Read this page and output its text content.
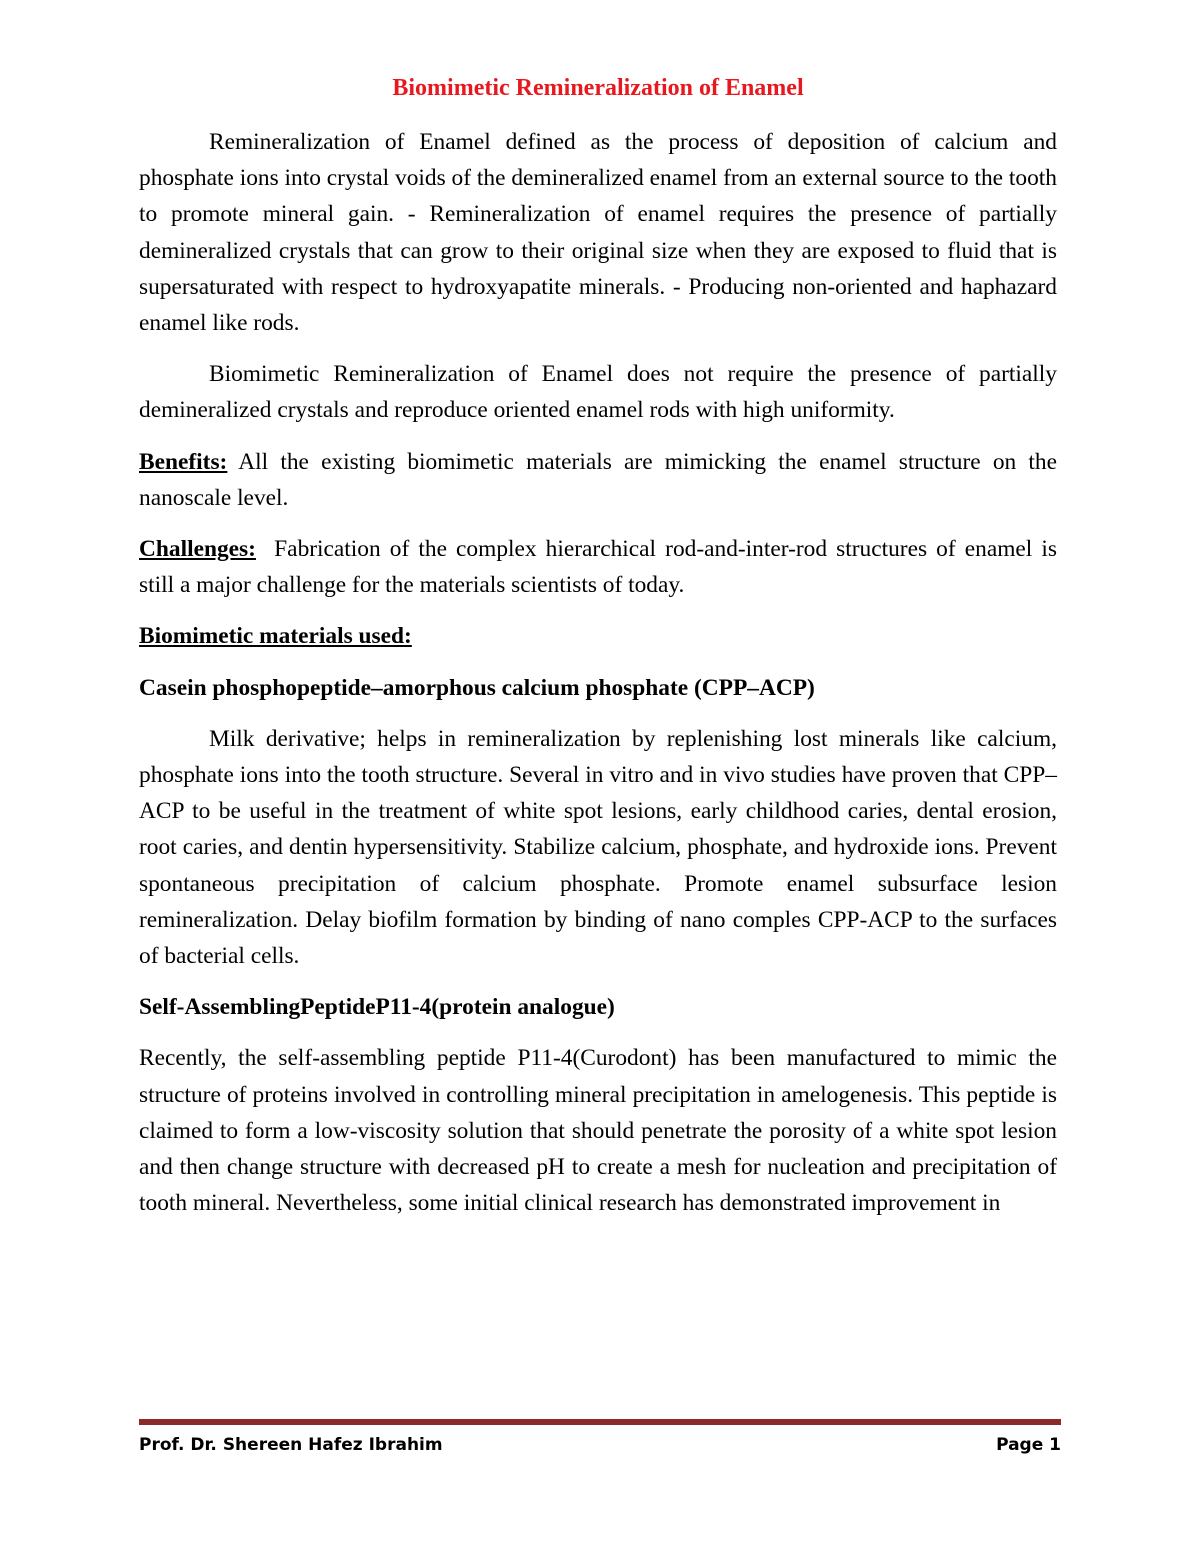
Biomimetic Remineralization of Enamel

Remineralization of Enamel defined as the process of deposition of calcium and phosphate ions into crystal voids of the demineralized enamel from an external source to the tooth to promote mineral gain. - Remineralization of enamel requires the presence of partially demineralized crystals that can grow to their original size when they are exposed to fluid that is supersaturated with respect to hydroxyapatite minerals. - Producing non-oriented and haphazard enamel like rods.

Biomimetic Remineralization of Enamel does not require the presence of partially demineralized crystals and reproduce oriented enamel rods with high uniformity.

Benefits: All the existing biomimetic materials are mimicking the enamel structure on the nanoscale level.

Challenges: Fabrication of the complex hierarchical rod-and-inter-rod structures of enamel is still a major challenge for the materials scientists of today.

Biomimetic materials used:
Casein phosphopeptide–amorphous calcium phosphate (CPP–ACP)

Milk derivative; helps in remineralization by replenishing lost minerals like calcium, phosphate ions into the tooth structure. Several in vitro and in vivo studies have proven that CPP–ACP to be useful in the treatment of white spot lesions, early childhood caries, dental erosion, root caries, and dentin hypersensitivity. Stabilize calcium, phosphate, and hydroxide ions. Prevent spontaneous precipitation of calcium phosphate. Promote enamel subsurface lesion remineralization. Delay biofilm formation by binding of nano comples CPP-ACP to the surfaces of bacterial cells.

Self-AssemblingPeptideP11-4(protein analogue)

Recently, the self-assembling peptide P11-4(Curodont) has been manufactured to mimic the structure of proteins involved in controlling mineral precipitation in amelogenesis. This peptide is claimed to form a low-viscosity solution that should penetrate the porosity of a white spot lesion and then change structure with decreased pH to create a mesh for nucleation and precipitation of tooth mineral. Nevertheless, some initial clinical research has demonstrated improvement in

Prof. Dr. Shereen Hafez Ibrahim	Page 1
